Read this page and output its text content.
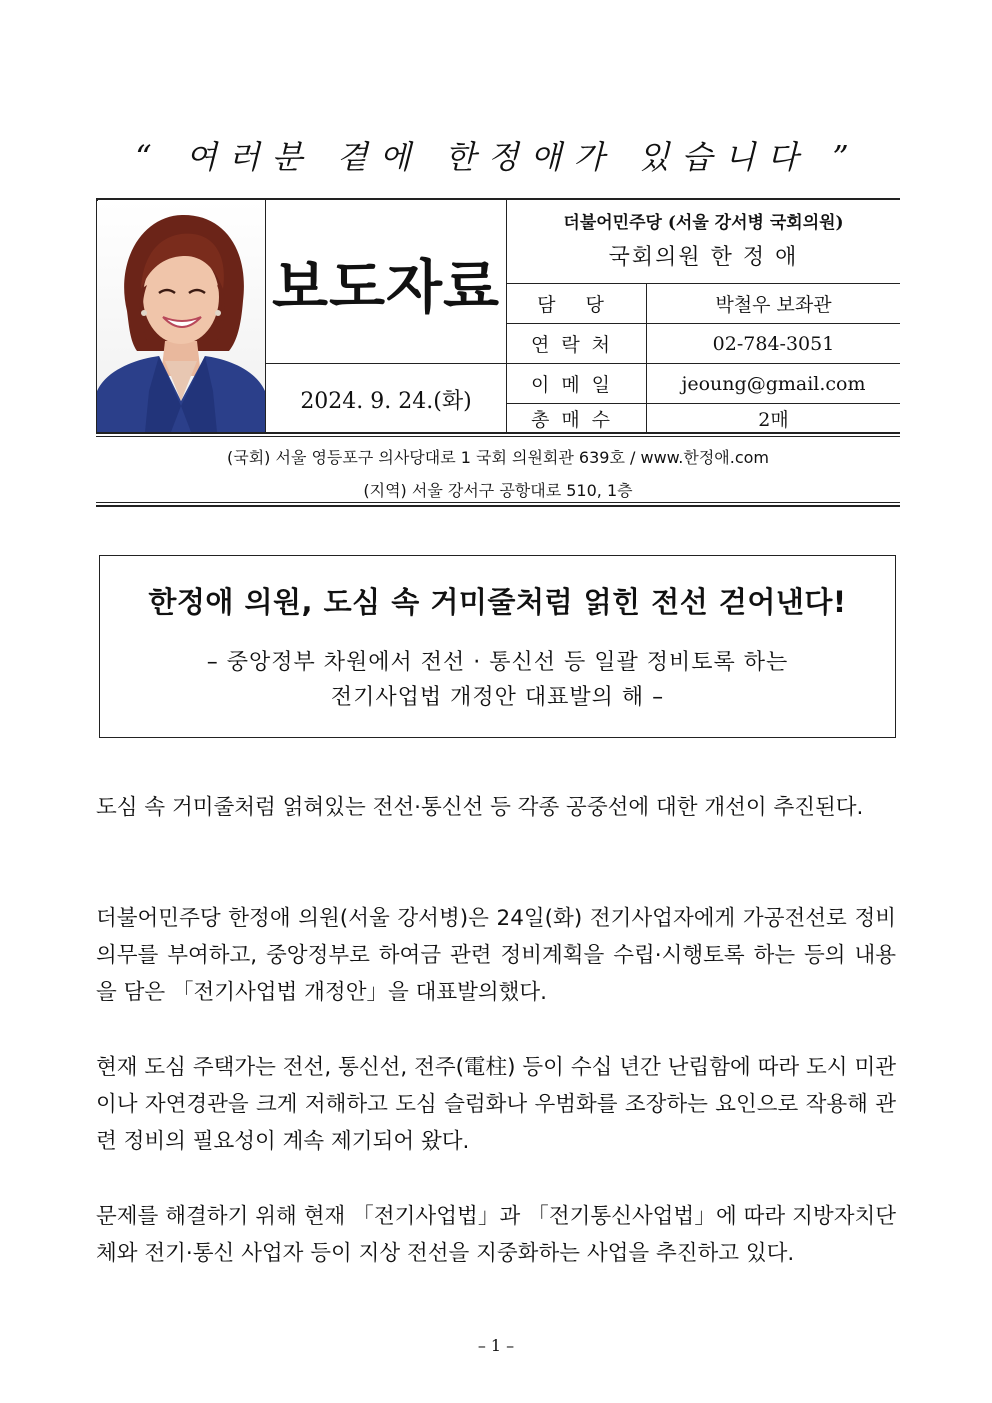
“ 여러분 곁에 한정애가 있습니다 ”
보도자료
2024. 9. 24.(화)
더불어민주당 (서울 강서병 국회의원)
국회의원 한 정 애
담 당	박철우 보좌관
연락처	02-784-3051
이메일	jeoung@gmail.com
총매수	2매
(국회) 서울 영등포구 의사당대로 1 국회 의원회관 639호 / www.한정애.com
(지역) 서울 강서구 공항대로 510, 1층
한정애 의원, 도심 속 거미줄처럼 얽힌 전선 걷어낸다!
– 중앙정부 차원에서 전선 · 통신선 등 일괄 정비토록 하는
전기사업법 개정안 대표발의 해 –

도심 속 거미줄처럼 얽혀있는 전선·통신선 등 각종 공중선에 대한 개선이 추진된다.

더불어민주당 한정애 의원(서울 강서병)은 24일(화) 전기사업자에게 가공전선로 정비의무를 부여하고, 중앙정부로 하여금 관련 정비계획을 수립·시행토록 하는 등의 내용을 담은 「전기사업법 개정안」을 대표발의했다.

현재 도심 주택가는 전선, 통신선, 전주(電柱) 등이 수십 년간 난립함에 따라 도시 미관이나 자연경관을 크게 저해하고 도심 슬럼화나 우범화를 조장하는 요인으로 작용해 관련 정비의 필요성이 계속 제기되어 왔다.

문제를 해결하기 위해 현재 「전기사업법」과 「전기통신사업법」에 따라 지방자치단체와 전기·통신 사업자 등이 지상 전선을 지중화하는 사업을 추진하고 있다.

– 1 –
